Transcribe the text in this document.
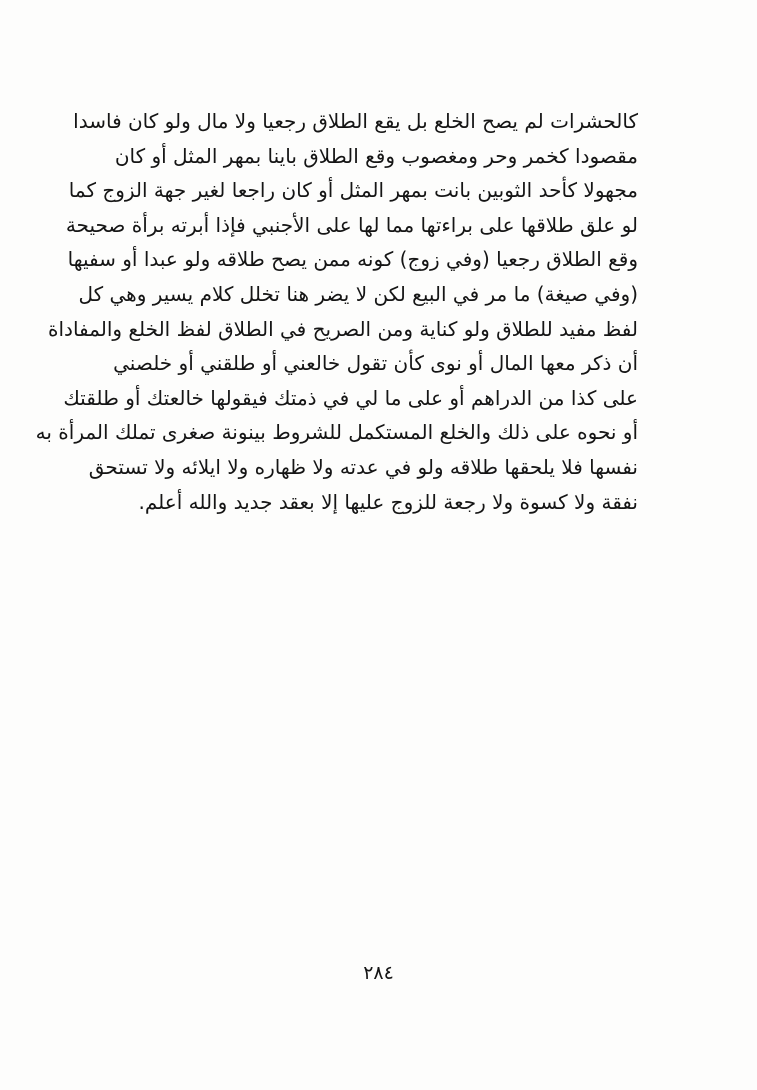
كالحشرات لم يصح الخلع بل يقع الطلاق رجعيا ولا مال ولو كان فاسدا
مقصودا كخمر وحر ومغصوب وقع الطلاق باينا بمهر المثل أو كان
مجهولا كأحد الثوبين بانت بمهر المثل أو كان راجعا لغير جهة الزوج كما
لو علق طلاقها على براءتها مما لها على الأجنبي فإذا أبرته برأة صحيحة
وقع الطلاق رجعيا (وفي زوج) كونه ممن يصح طلاقه ولو عبدا أو سفيها
(وفي صيغة) ما مر في البيع لكن لا يضر هنا تخلل كلام يسير وهي كل
لفظ مفيد للطلاق ولو كناية ومن الصريح في الطلاق لفظ الخلع والمفاداة
أن ذكر معها المال أو نوى كأن تقول خالعني أو طلقني أو خلصني
على كذا من الدراهم أو على ما لي في ذمتك فيقولها خالعتك أو طلقتك
أو نحوه على ذلك والخلع المستكمل للشروط بينونة صغرى تملك المرأة به
نفسها فلا يلحقها طلاقه ولو في عدته ولا ظهاره ولا ايلائه ولا تستحق
نفقة ولا كسوة ولا رجعة للزوج عليها إلا بعقد جديد والله أعلم.
٢٨٤
